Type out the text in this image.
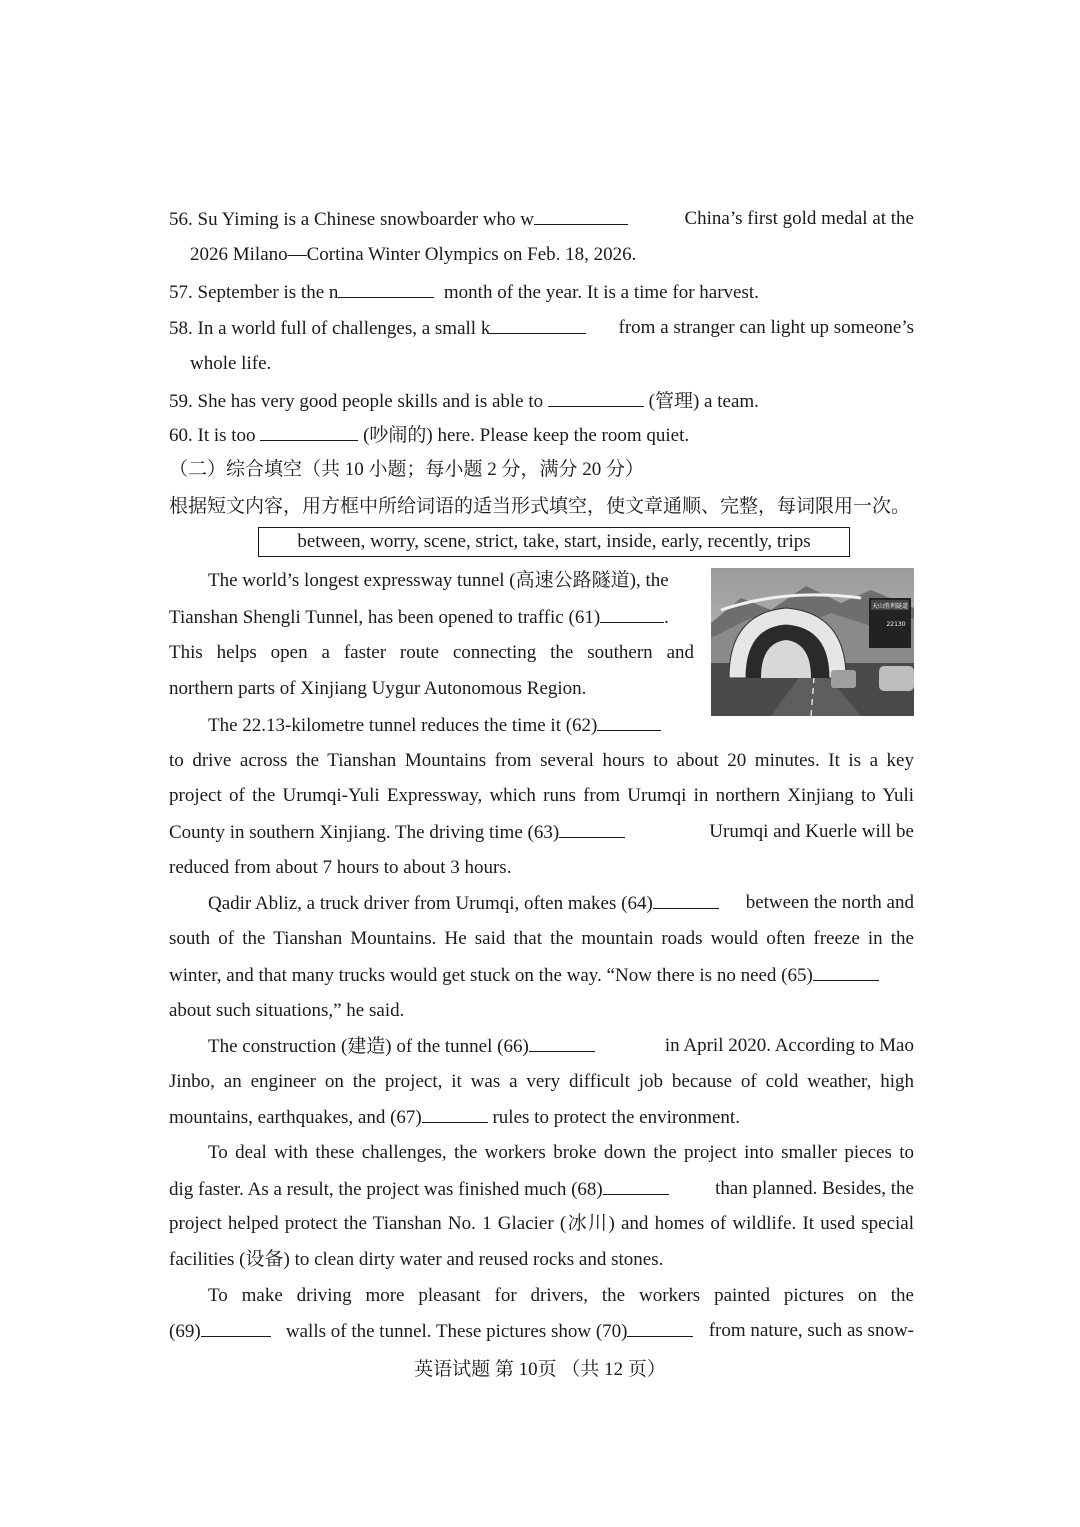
56. Su Yiming is a Chinese snowboarder who w	China’s first gold medal at the
2026 Milano—Cortina Winter Olympics on Feb. 18, 2026.
57. September is the n	month of the year. It is a time for harvest.
58. In a world full of challenges, a small k	from a stranger can light up someone’s
whole life.
59. She has very good people skills and is able to	(管理) a team.
60. It is too	(吵闹的) here. Please keep the room quiet.
（二）综合填空（共 10 小题；每小题 2 分，满分 20 分）
根据短文内容，用方框中所给词语的适当形式填空，使文章通顺、完整，每词限用一次。
between, worry, scene, strict, take, start, inside, early, recently, trips
天山胜利隧道
22130
The world’s longest expressway tunnel (高速公路隧道), the
Tianshan Shengli Tunnel, has been opened to traffic (61)	.
This helps open a faster route connecting the southern and
northern parts of Xinjiang Uygur Autonomous Region.
The 22.13-kilometre tunnel reduces the time it (62)
to drive across the Tianshan Mountains from several hours to about 20 minutes. It is a key
project of the Urumqi-Yuli Expressway, which runs from Urumqi in northern Xinjiang to Yuli
County in southern Xinjiang. The driving time (63)	Urumqi and Kuerle will be
reduced from about 7 hours to about 3 hours.
Qadir Abliz, a truck driver from Urumqi, often makes (64)	between the north and
south of the Tianshan Mountains. He said that the mountain roads would often freeze in the
winter, and that many trucks would get stuck on the way. “Now there is no need (65)
about such situations,” he said.
The construction (建造) of the tunnel (66)	in April 2020. According to Mao
Jinbo, an engineer on the project, it was a very difficult job because of cold weather, high
mountains, earthquakes, and (67)	rules to protect the environment.
To deal with these challenges, the workers broke down the project into smaller pieces to
dig faster. As a result, the project was finished much (68)	than planned. Besides, the
project helped protect the Tianshan No. 1 Glacier (冰川) and homes of wildlife. It used special
facilities (设备) to clean dirty water and reused rocks and stones.
To make driving more pleasant for drivers, the workers painted pictures on the
(69)	walls of the tunnel. These pictures show (70)	from nature, such as snow-
英语试题 第 10页 （共 12 页）
